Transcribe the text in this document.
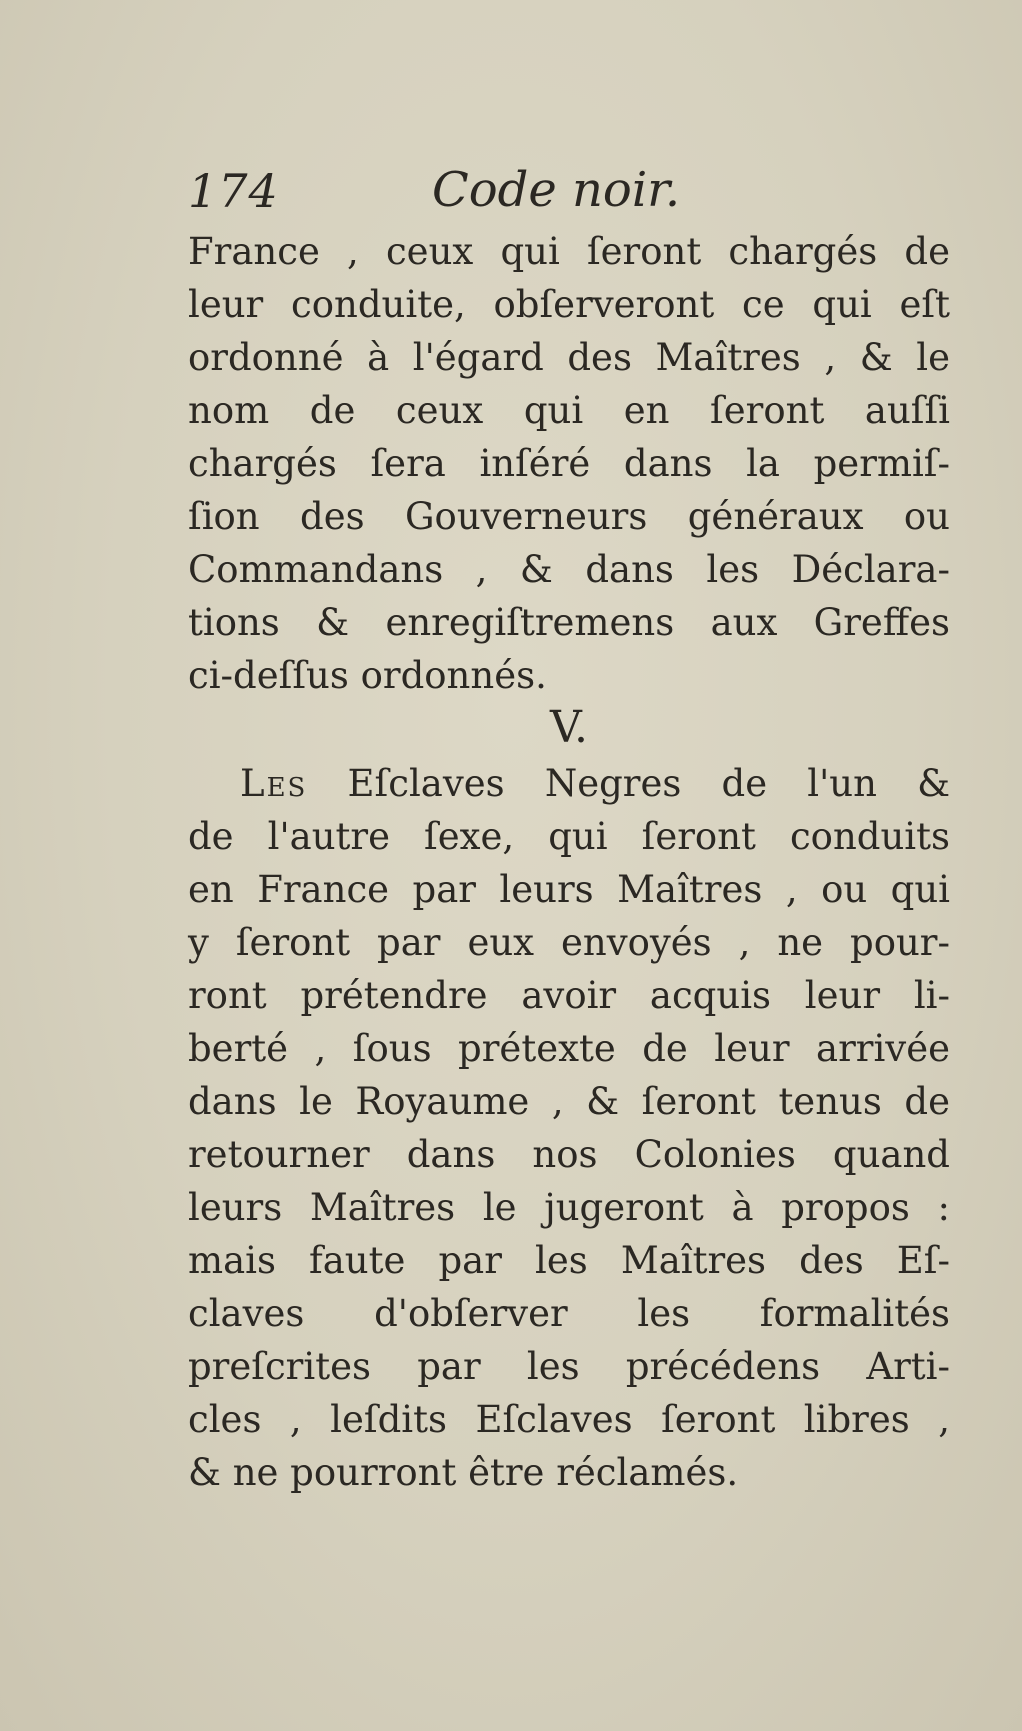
174	Code noir.
France , ceux qui ſeront chargés de
leur conduite, obſerveront ce qui eſt
ordonné à l'égard des Maîtres , & le
nom de ceux qui en ſeront auſſi
chargés ſera inſéré dans la permiſ-
ſion des Gouverneurs généraux ou
Commandans , & dans les Déclara-
tions & enregiſtremens aux Greffes
ci-deſſus ordonnés.
V.
Les Eſclaves Negres de l'un &
de l'autre ſexe, qui ſeront conduits
en France par leurs Maîtres , ou qui
y ſeront par eux envoyés , ne pour-
ront prétendre avoir acquis leur li-
berté , ſous prétexte de leur arrivée
dans le Royaume , & ſeront tenus de
retourner dans nos Colonies quand
leurs Maîtres le jugeront à propos :
mais faute par les Maîtres des Eſ-
claves d'obſerver les formalités
preſcrites par les précédens Arti-
cles , leſdits Eſclaves ſeront libres ,
& ne pourront être réclamés.
